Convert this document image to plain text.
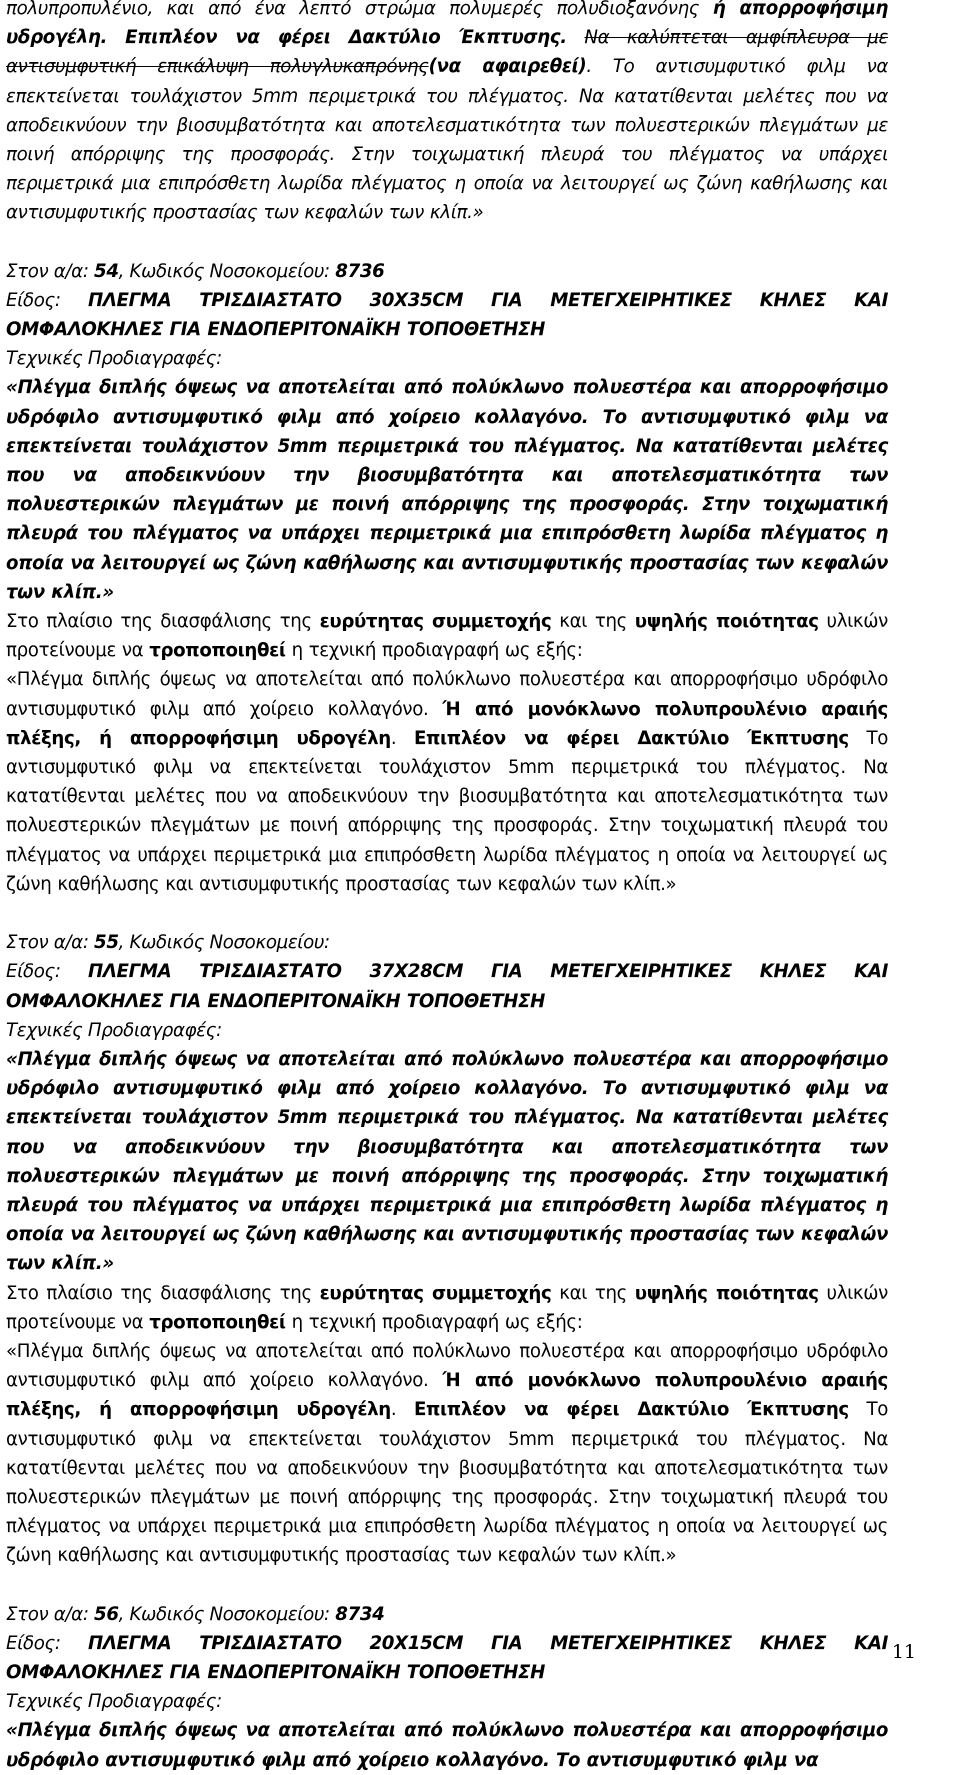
πολυπροπυλένιο, και από ένα λεπτό στρώμα πολυμερές πολυδιοξανόνης ή απορροφήσιμη υδρογέλη. Επιπλέον να φέρει Δακτύλιο Έκπτυσης. Να καλύπτεται αμφίπλευρα με αντισυμφυτική επικάλυψη πολυγλυκαπρόνης(να αφαιρεθεί). Το αντισυμφυτικό φιλμ να επεκτείνεται τουλάχιστον 5mm περιμετρικά του πλέγματος. Να κατατίθενται μελέτες που να αποδεικνύουν την βιοσυμβατότητα και αποτελεσματικότητα των πολυεστερικών πλεγμάτων με ποινή απόρριψης της προσφοράς. Στην τοιχωματική πλευρά του πλέγματος να υπάρχει περιμετρικά μια επιπρόσθετη λωρίδα πλέγματος η οποία να λειτουργεί ως ζώνη καθήλωσης και αντισυμφυτικής προστασίας των κεφαλών των κλίπ.»

Στον α/α: 54, Κωδικός Νοσοκομείου: 8736

Είδος: ΠΛΕΓΜΑ ΤΡΙΣΔΙΑΣΤΑΤΟ 30Χ35CM ΓΙΑ ΜΕΤΕΓΧΕΙΡΗΤΙΚΕΣ ΚΗΛΕΣ ΚΑΙ ΟΜΦΑΛΟΚΗΛΕΣ ΓΙΑ ΕΝΔΟΠΕΡΙΤΟΝΑΪΚΗ ΤΟΠΟΘΕΤΗΣΗ

Τεχνικές Προδιαγραφές:

«Πλέγμα διπλής όψεως να αποτελείται από πολύκλωνο πολυεστέρα και απορροφήσιμο υδρόφιλο αντισυμφυτικό φιλμ από χοίρειο κολλαγόνο. Το αντισυμφυτικό φιλμ να επεκτείνεται τουλάχιστον 5mm περιμετρικά του πλέγματος. Να κατατίθενται μελέτες που να αποδεικνύουν την βιοσυμβατότητα και αποτελεσματικότητα των πολυεστερικών πλεγμάτων με ποινή απόρριψης της προσφοράς. Στην τοιχωματική πλευρά του πλέγματος να υπάρχει περιμετρικά μια επιπρόσθετη λωρίδα πλέγματος η οποία να λειτουργεί ως ζώνη καθήλωσης και αντισυμφυτικής προστασίας των κεφαλών των κλίπ.»

Στο πλαίσιο της διασφάλισης της ευρύτητας συμμετοχής και της υψηλής ποιότητας υλικών προτείνουμε να τροποποιηθεί η τεχνική προδιαγραφή ως εξής:

«Πλέγμα διπλής όψεως να αποτελείται από πολύκλωνο πολυεστέρα και απορροφήσιμο υδρόφιλο αντισυμφυτικό φιλμ από χοίρειο κολλαγόνο. Ή από μονόκλωνο πολυπρουλένιο αραιής πλέξης, ή απορροφήσιμη υδρογέλη. Επιπλέον να φέρει Δακτύλιο Έκπτυσης Το αντισυμφυτικό φιλμ να επεκτείνεται τουλάχιστον 5mm περιμετρικά του πλέγματος. Να κατατίθενται μελέτες που να αποδεικνύουν την βιοσυμβατότητα και αποτελεσματικότητα των πολυεστερικών πλεγμάτων με ποινή απόρριψης της προσφοράς. Στην τοιχωματική πλευρά του πλέγματος να υπάρχει περιμετρικά μια επιπρόσθετη λωρίδα πλέγματος η οποία να λειτουργεί ως ζώνη καθήλωσης και αντισυμφυτικής προστασίας των κεφαλών των κλίπ.»

Στον α/α: 55, Κωδικός Νοσοκομείου:

Είδος: ΠΛΕΓΜΑ ΤΡΙΣΔΙΑΣΤΑΤΟ 37Χ28CM ΓΙΑ ΜΕΤΕΓΧΕΙΡΗΤΙΚΕΣ ΚΗΛΕΣ ΚΑΙ ΟΜΦΑΛΟΚΗΛΕΣ ΓΙΑ ΕΝΔΟΠΕΡΙΤΟΝΑΪΚΗ ΤΟΠΟΘΕΤΗΣΗ

Τεχνικές Προδιαγραφές:

«Πλέγμα διπλής όψεως να αποτελείται από πολύκλωνο πολυεστέρα και απορροφήσιμο υδρόφιλο αντισυμφυτικό φιλμ από χοίρειο κολλαγόνο. Το αντισυμφυτικό φιλμ να επεκτείνεται τουλάχιστον 5mm περιμετρικά του πλέγματος. Να κατατίθενται μελέτες που να αποδεικνύουν την βιοσυμβατότητα και αποτελεσματικότητα των πολυεστερικών πλεγμάτων με ποινή απόρριψης της προσφοράς. Στην τοιχωματική πλευρά του πλέγματος να υπάρχει περιμετρικά μια επιπρόσθετη λωρίδα πλέγματος η οποία να λειτουργεί ως ζώνη καθήλωσης και αντισυμφυτικής προστασίας των κεφαλών των κλίπ.»

Στο πλαίσιο της διασφάλισης της ευρύτητας συμμετοχής και της υψηλής ποιότητας υλικών προτείνουμε να τροποποιηθεί η τεχνική προδιαγραφή ως εξής:

«Πλέγμα διπλής όψεως να αποτελείται από πολύκλωνο πολυεστέρα και απορροφήσιμο υδρόφιλο αντισυμφυτικό φιλμ από χοίρειο κολλαγόνο. Ή από μονόκλωνο πολυπρουλένιο αραιής πλέξης, ή απορροφήσιμη υδρογέλη. Επιπλέον να φέρει Δακτύλιο Έκπτυσης Το αντισυμφυτικό φιλμ να επεκτείνεται τουλάχιστον 5mm περιμετρικά του πλέγματος. Να κατατίθενται μελέτες που να αποδεικνύουν την βιοσυμβατότητα και αποτελεσματικότητα των πολυεστερικών πλεγμάτων με ποινή απόρριψης της προσφοράς. Στην τοιχωματική πλευρά του πλέγματος να υπάρχει περιμετρικά μια επιπρόσθετη λωρίδα πλέγματος η οποία να λειτουργεί ως ζώνη καθήλωσης και αντισυμφυτικής προστασίας των κεφαλών των κλίπ.»

Στον α/α: 56, Κωδικός Νοσοκομείου: 8734

Είδος: ΠΛΕΓΜΑ ΤΡΙΣΔΙΑΣΤΑΤΟ 20Χ15CM ΓΙΑ ΜΕΤΕΓΧΕΙΡΗΤΙΚΕΣ ΚΗΛΕΣ ΚΑΙ ΟΜΦΑΛΟΚΗΛΕΣ ΓΙΑ ΕΝΔΟΠΕΡΙΤΟΝΑΪΚΗ ΤΟΠΟΘΕΤΗΣΗ

Τεχνικές Προδιαγραφές:

«Πλέγμα διπλής όψεως να αποτελείται από πολύκλωνο πολυεστέρα και απορροφήσιμο υδρόφιλο αντισυμφυτικό φιλμ από χοίρειο κολλαγόνο. Το αντισυμφυτικό φιλμ να

11
